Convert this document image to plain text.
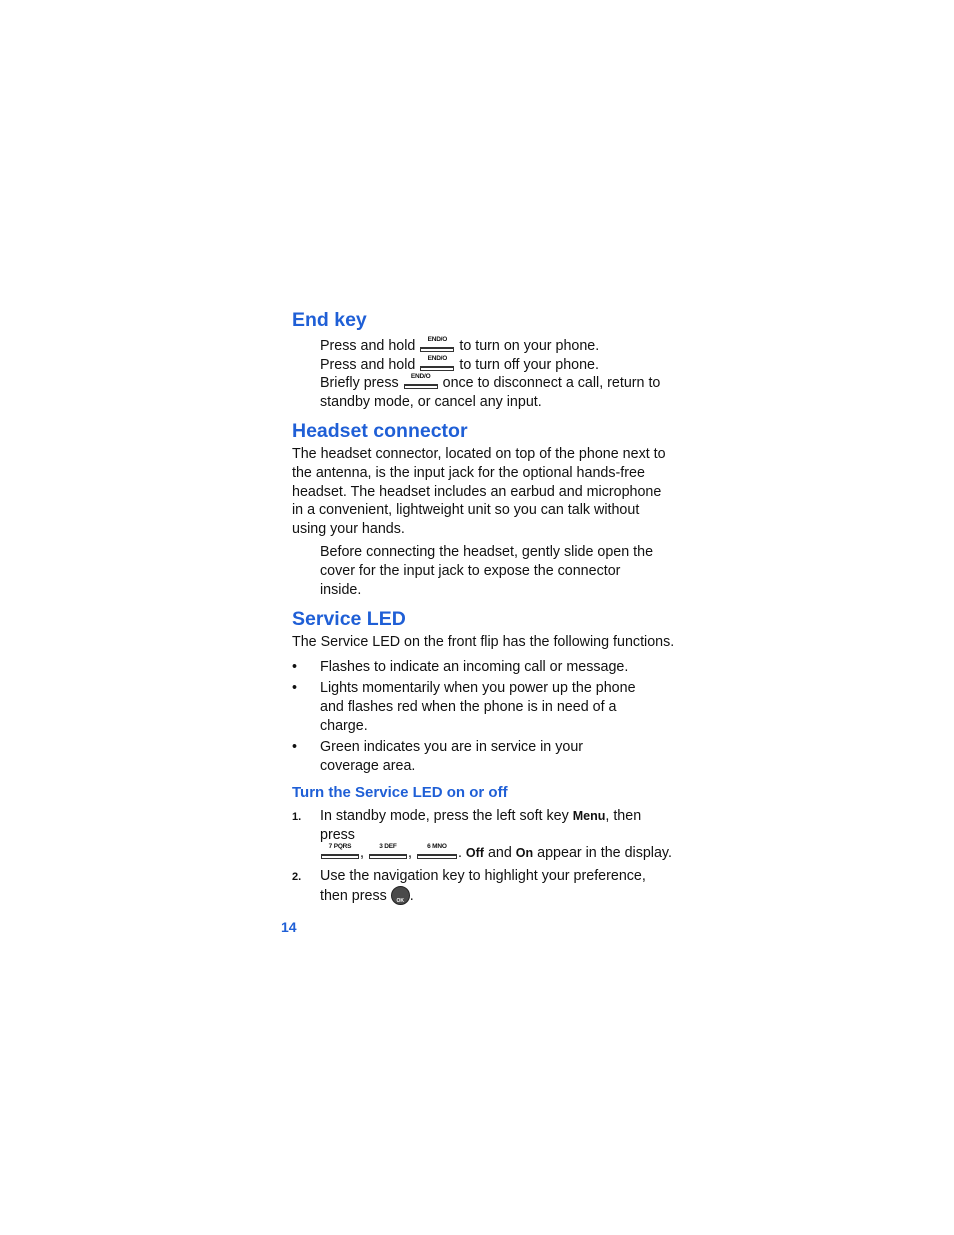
End key

Press and hold	END/O to turn on your phone.

Press and hold	END/O to turn off your phone.

Briefly press	END/O once to disconnect a call, return to
standby mode, or cancel any input.

Headset connector

The headset connector, located on top of the phone next to the antenna, is the input jack for the optional hands-free headset. The headset includes an earbud and microphone in a convenient, lightweight unit so you can talk without using your hands.

Before connecting the headset, gently slide open the cover for the input jack to expose the connector inside.

Service LED

The Service LED on the front flip has the following functions.

• Flashes to indicate an incoming call or message.
• Lights momentarily when you power up the phone and flashes red when the phone is in need of a charge.
• Green indicates you are in service in your coverage area.
Turn the Service LED on or off
1. In standby mode, press the left soft key Menu, then press

7 PQRS ,	3 DEF ,	6 MNO . Off and On appear in the display.
2. Use the navigation key to highlight your preference, then press OK .
14
